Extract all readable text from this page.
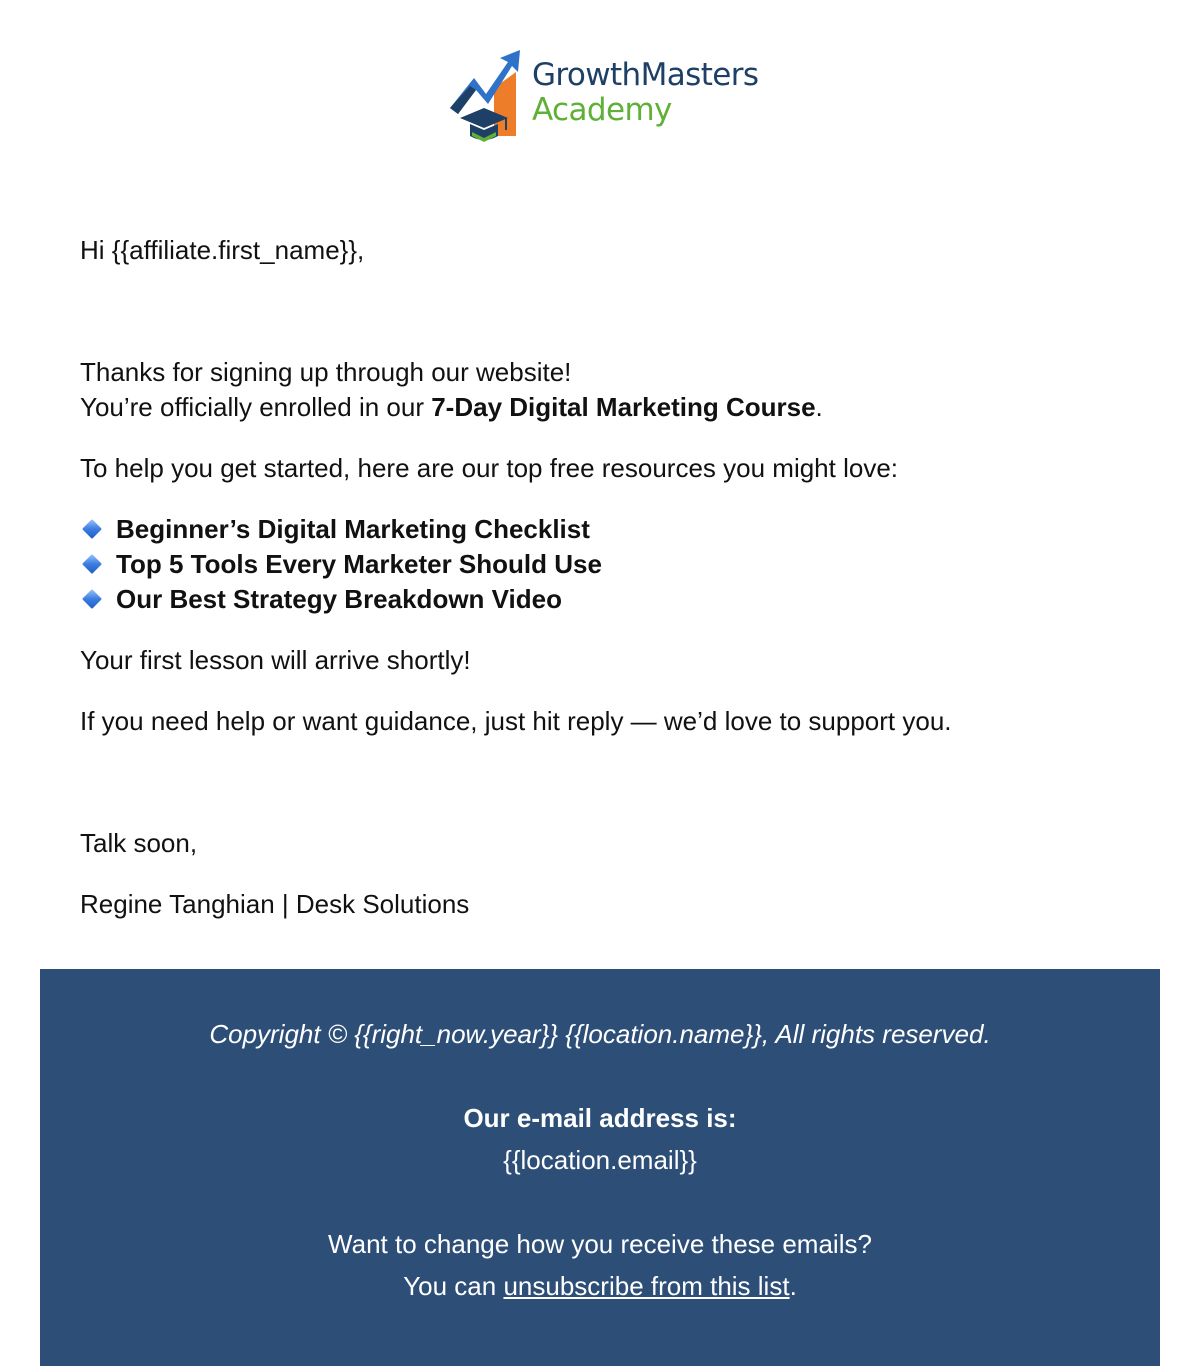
GrowthMasters
Academy
Hi {{affiliate.first_name}},
Thanks for signing up through our website!
You’re officially enrolled in our 7-Day Digital Marketing Course.
To help you get started, here are our top free resources you might love:
Beginner’s Digital Marketing Checklist
Top 5 Tools Every Marketer Should Use
Our Best Strategy Breakdown Video
Your first lesson will arrive shortly!
If you need help or want guidance, just hit reply — we’d love to support you.
Talk soon,
Regine Tanghian | Desk Solutions
Copyright © {{right_now.year}} {{location.name}}, All rights reserved.
Our e-mail address is:
{{location.email}}
Want to change how you receive these emails?
You can unsubscribe from this list.
